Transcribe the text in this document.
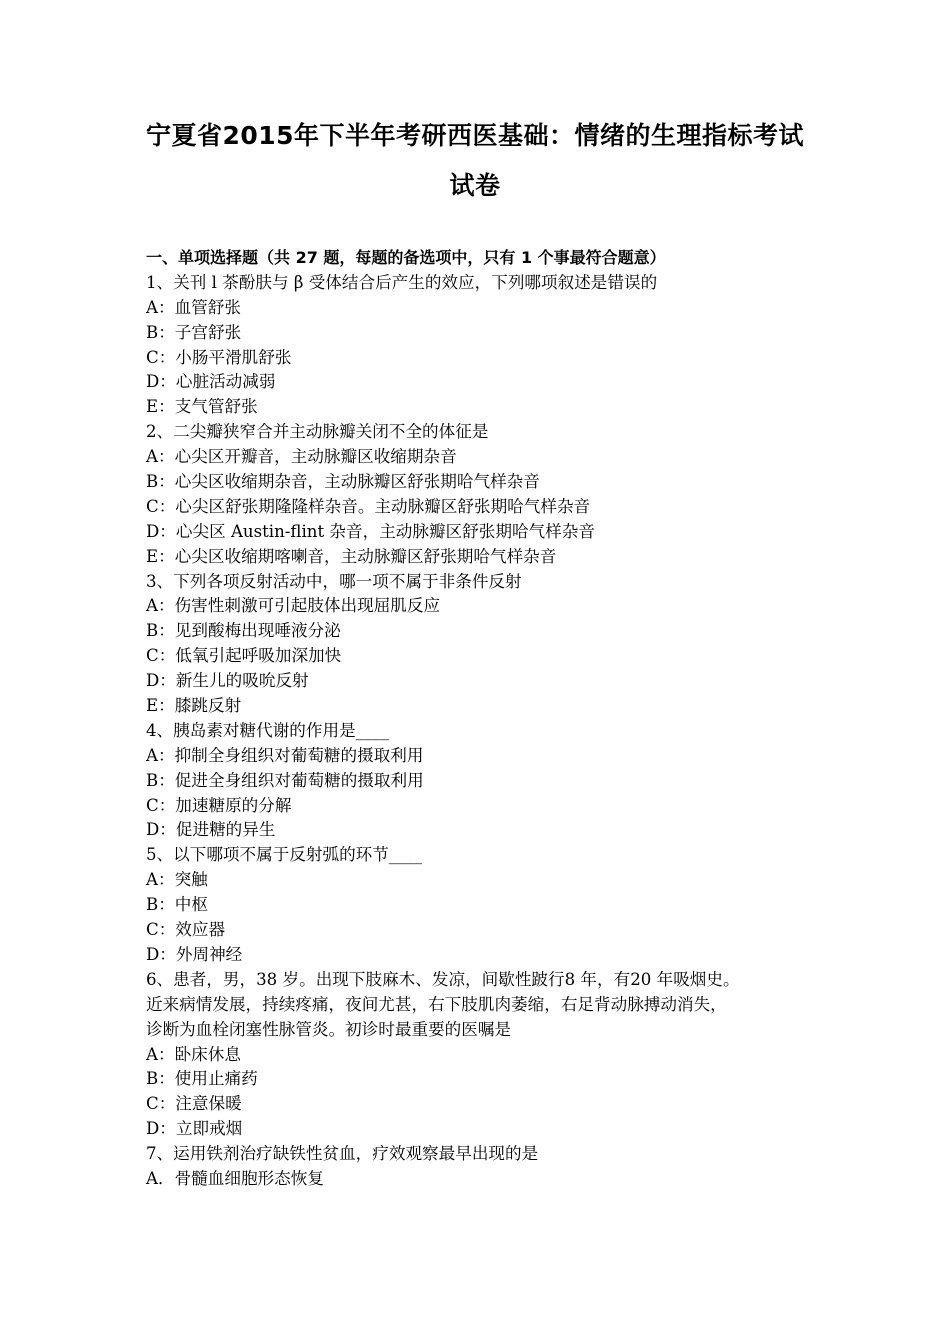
宁夏省2015年下半年考研西医基础：情绪的生理指标考试
试卷
一、单项选择题（共 27 题，每题的备选项中，只有 1 个事最符合题意）
1、关刊 l 茶酚肤与 β 受体结合后产生的效应，下列哪项叙述是错误的
A：血管舒张
B：子宫舒张
C：小肠平滑肌舒张
D：心脏活动减弱
E：支气管舒张
2、二尖瓣狭窄合并主动脉瓣关闭不全的体征是
A：心尖区开瓣音，主动脉瓣区收缩期杂音
B：心尖区收缩期杂音，主动脉瓣区舒张期哈气样杂音
C：心尖区舒张期隆隆样杂音。主动脉瓣区舒张期哈气样杂音
D：心尖区 Austin-flint 杂音，主动脉瓣区舒张期哈气样杂音
E：心尖区收缩期喀喇音，主动脉瓣区舒张期哈气样杂音
3、下列各项反射活动中，哪一项不属于非条件反射
A：伤害性刺激可引起肢体出现屈肌反应
B：见到酸梅出现唾液分泌
C：低氧引起呼吸加深加快
D：新生儿的吸吮反射
E：膝跳反射
4、胰岛素对糖代谢的作用是____
A：抑制全身组织对葡萄糖的摄取利用
B：促进全身组织对葡萄糖的摄取利用
C：加速糖原的分解
D：促进糖的异生
5、以下哪项不属于反射弧的环节____
A：突触
B：中枢
C：效应器
D：外周神经
6、患者，男，38 岁。出现下肢麻木、发凉，间歇性跛行8 年，有20 年吸烟史。
近来病情发展，持续疼痛，夜间尤甚，右下肢肌肉萎缩，右足背动脉搏动消失，
诊断为血栓闭塞性脉管炎。初诊时最重要的医嘱是
A：卧床休息
B：使用止痛药
C：注意保暖
D：立即戒烟
7、运用铁剂治疗缺铁性贫血，疗效观察最早出现的是
A．骨髓血细胞形态恢复
